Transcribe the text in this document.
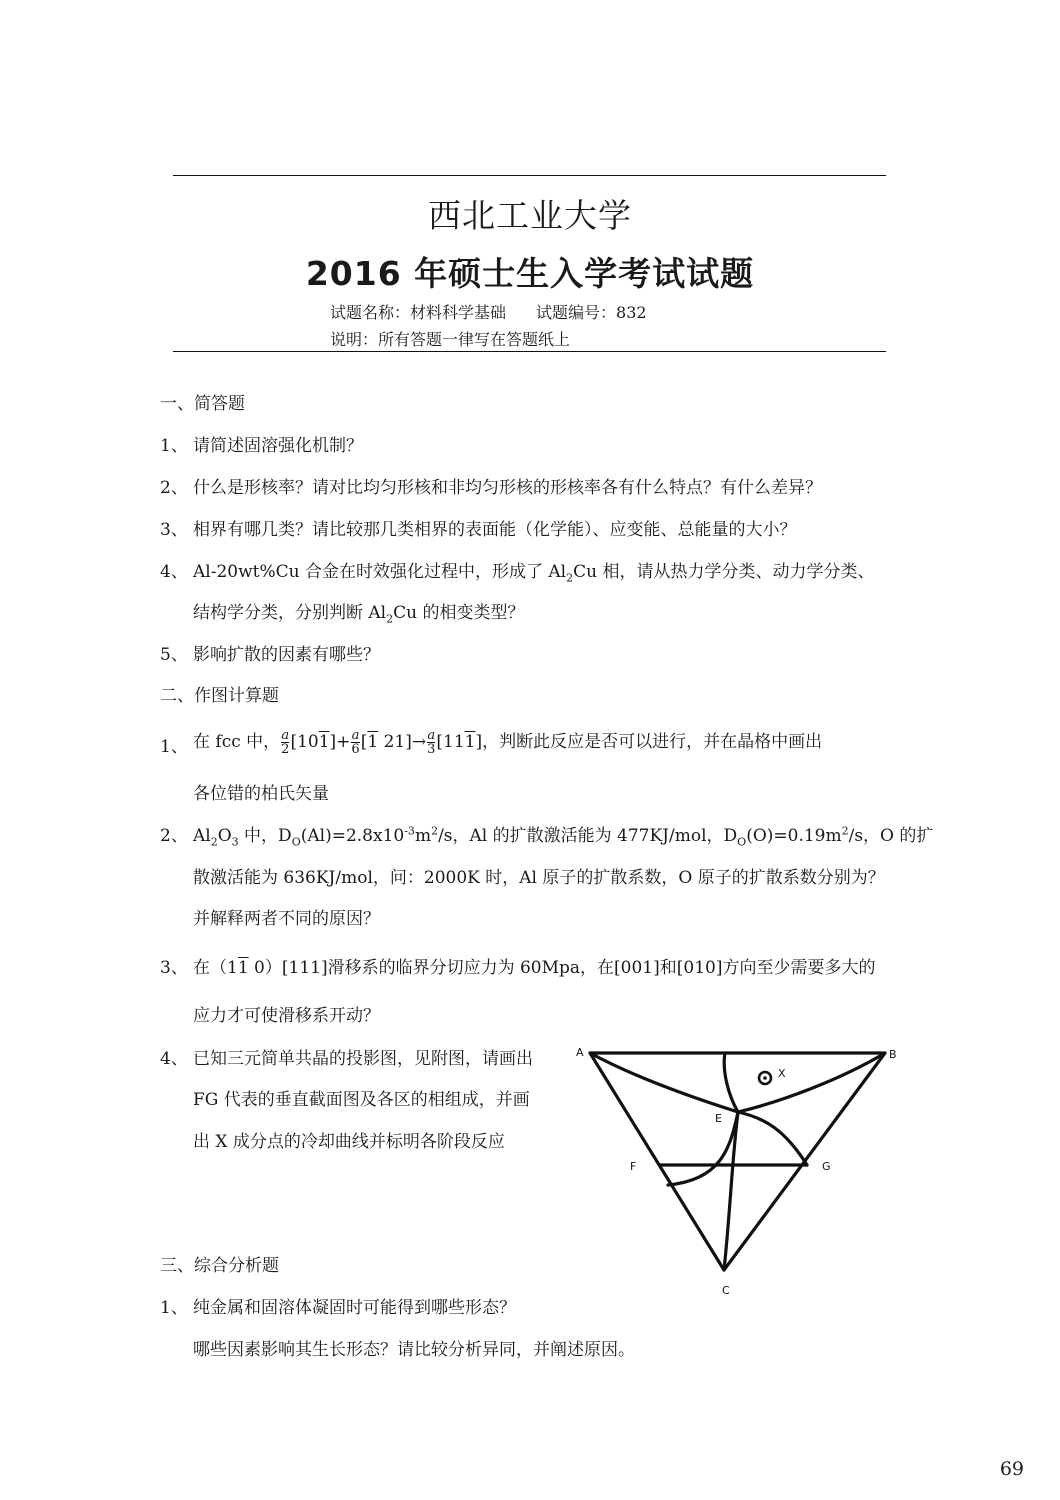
西北工业大学
2016 年硕士生入学考试试题
试题名称：材料科学基础 试题编号：832
说明：所有答题一律写在答题纸上
一、简答题
1、 请简述固溶强化机制？
2、 什么是形核率？请对比均匀形核和非均匀形核的形核率各有什么特点？有什么差异？
3、 相界有哪几类？请比较那几类相界的表面能（化学能）、应变能、总能量的大小？
4、 Al-20wt%Cu 合金在时效强化过程中，形成了 $Al_2Cu$ 相，请从热力学分类、动力学分类、
结构学分类，分别判断 $Al_2Cu$ 的相变类型？
5、 影响扩散的因素有哪些？
二、作图计算题
1、 在 fcc 中， $\frac{a}{2} [101]+ \frac{a}{6} [1$ $21]\to \frac{a}{3} [111]$，判断此反应是否可以进行，并在晶格中画出
各位错的柏氏矢量
2、 $Al_2O_3$ 中，$D_O(Al)=2.8x10^{-3}m^2/s$，Al 的扩散激活能为 477KJ/mol，$D_O(O)=0.19m^2/s$，O 的扩
散激活能为 636KJ/mol，问：2000K 时，Al 原子的扩散系数，O 原子的扩散系数分别为？
并解释两者不同的原因？
3、 在（11 0）[111]滑移系的临界分切应力为 60Mpa，在[001]和[010]方向至少需要多大的
应力才可使滑移系开动？
4、 已知三元简单共晶的投影图，见附图，请画出
FG 代表的垂直截面图及各区的相组成，并画
出 X 成分点的冷却曲线并标明各阶段反应
A	B
C
E
F	G
X
三、综合分析题
1、 纯金属和固溶体凝固时可能得到哪些形态？
哪些因素影响其生长形态？请比较分析异同，并阐述原因。
69
